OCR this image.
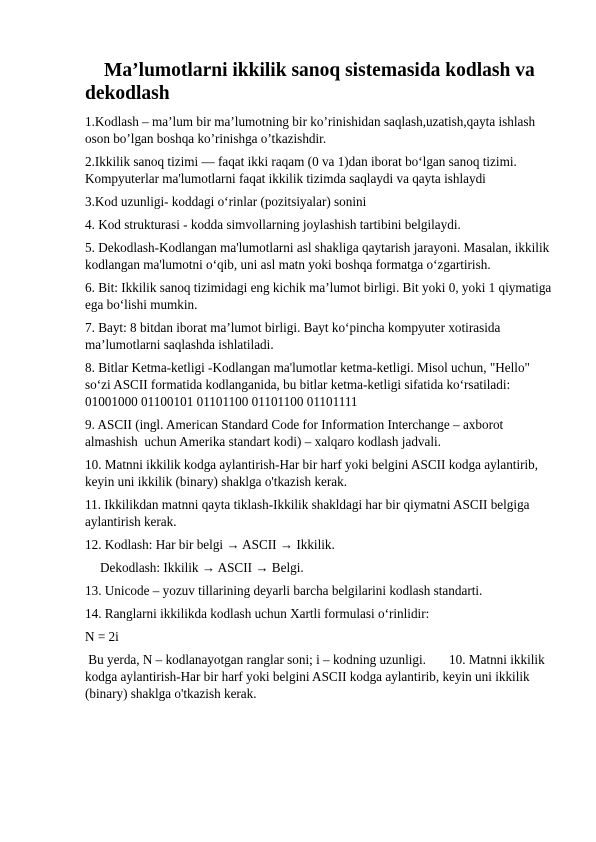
Ma’lumotlarni ikkilik sanoq sistemasida kodlash va dekodlash

1.Kodlash – ma’lum bir ma’lumotning bir ko’rinishidan saqlash,uzatish,qayta ishlash oson bo’lgan boshqa ko’rinishga o’tkazishdir.

2.Ikkilik sanoq tizimi — faqat ikki raqam (0 va 1)dan iborat bo‘lgan sanoq tizimi. Kompyuterlar ma'lumotlarni faqat ikkilik tizimda saqlaydi va qayta ishlaydi

3.Kod uzunligi- koddagi o‘rinlar (pozitsiyalar) sonini

4. Kod strukturasi - kodda simvollarning joylashish tartibini belgilaydi.

5. Dekodlash-Kodlangan ma'lumotlarni asl shakliga qaytarish jarayoni. Masalan, ikkilik kodlangan ma'lumotni o‘qib, uni asl matn yoki boshqa formatga o‘zgartirish.

6. Bit: Ikkilik sanoq tizimidagi eng kichik ma’lumot birligi. Bit yoki 0, yoki 1 qiymatiga ega bo‘lishi mumkin.

7. Bayt: 8 bitdan iborat ma’lumot birligi. Bayt ko‘pincha kompyuter xotirasida ma’lumotlarni saqlashda ishlatiladi.

8. Bitlar Ketma-ketligi -Kodlangan ma'lumotlar ketma-ketligi. Misol uchun, "Hello" so‘zi ASCII formatida kodlanganida, bu bitlar ketma-ketligi sifatida ko‘rsatiladi: 01001000 01100101 01101100 01101100 01101111

9. ASCII (ingl. American Standard Code for Information Interchange – axborot almashish  uchun Amerika standart kodi) – xalqaro kodlash jadvali.

10. Matnni ikkilik kodga aylantirish-Har bir harf yoki belgini ASCII kodga aylantirib, keyin uni ikkilik (binary) shaklga o'tkazish kerak.

11. Ikkilikdan matnni qayta tiklash-Ikkilik shakldagi har bir qiymatni ASCII belgiga aylantirish kerak.

12. Kodlash: Har bir belgi → ASCII → Ikkilik.

Dekodlash: Ikkilik → ASCII → Belgi.

13. Unicode – yozuv tillarining deyarli barcha belgilarini kodlash standarti.

14. Ranglarni ikkilikda kodlash uchun Xartli formulasi o‘rinlidir:

N = 2i

Bu yerda, N – kodlanayotgan ranglar soni; i – kodning uzunligi.       10. Matnni ikkilik kodga aylantirish-Har bir harf yoki belgini ASCII kodga aylantirib, keyin uni ikkilik (binary) shaklga o'tkazish kerak.
